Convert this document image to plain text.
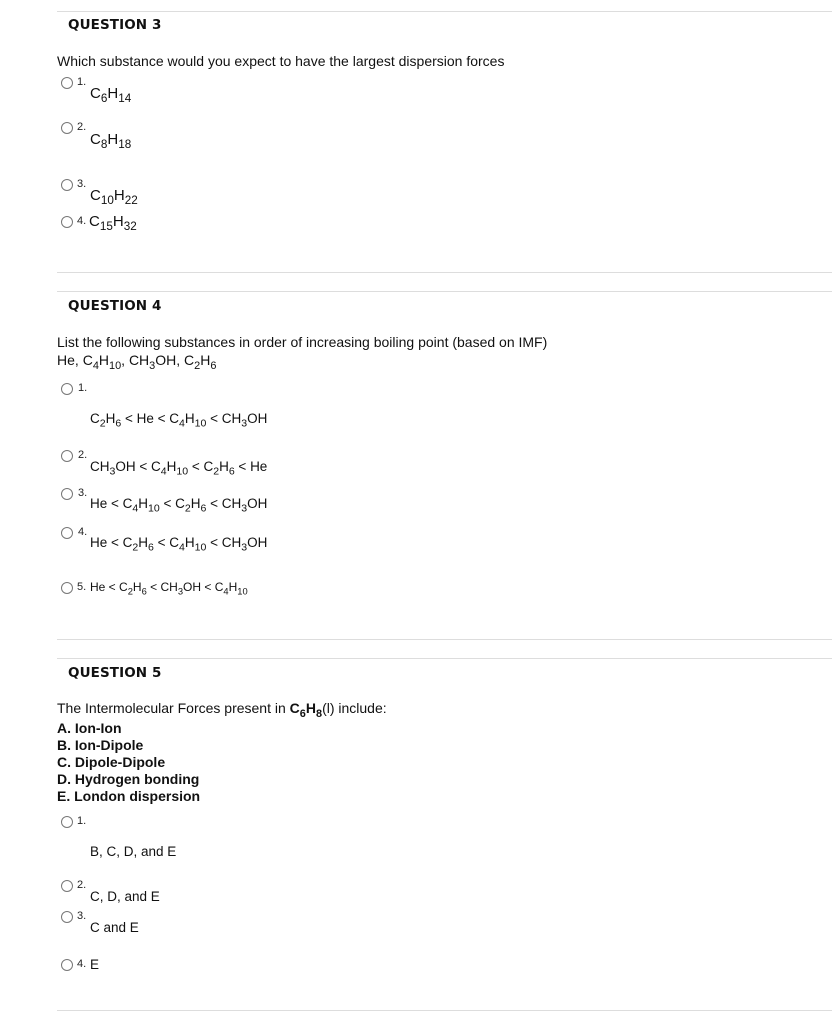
QUESTION 3
Which substance would you expect to have the largest dispersion forces
1.
$C_6H_{14}$
2.
$C_8H_{18}$
3.
$C_{10}H_{22}$
4. $C_{15}H_{32}$
QUESTION 4
List the following substances in order of increasing boiling point (based on IMF)
He, $C_4H_{10}$, $CH_3OH$, $C_2H_6$
1.
$C_2H_6 < He < C_4H_{10} < CH_3OH$
2.
$CH_3OH < C_4H_{10} < C_2H_6 < He$
3.
$He < C_4H_{10} < C_2H_6 < CH_3OH$
4.
$He < C_2H_6 < C_4H_{10} < CH_3OH$
5. $He < C_2H_6 < CH_3OH < C_4H_{10}$
QUESTION 5
The Intermolecular Forces present in $C_6H_8(l)$ include:
A. Ion-Ion
B. Ion-Dipole
C. Dipole-Dipole
D. Hydrogen bonding
E. London dispersion
1.
B, C, D, and E
2.
C, D, and E
3.
C and E
4. E
